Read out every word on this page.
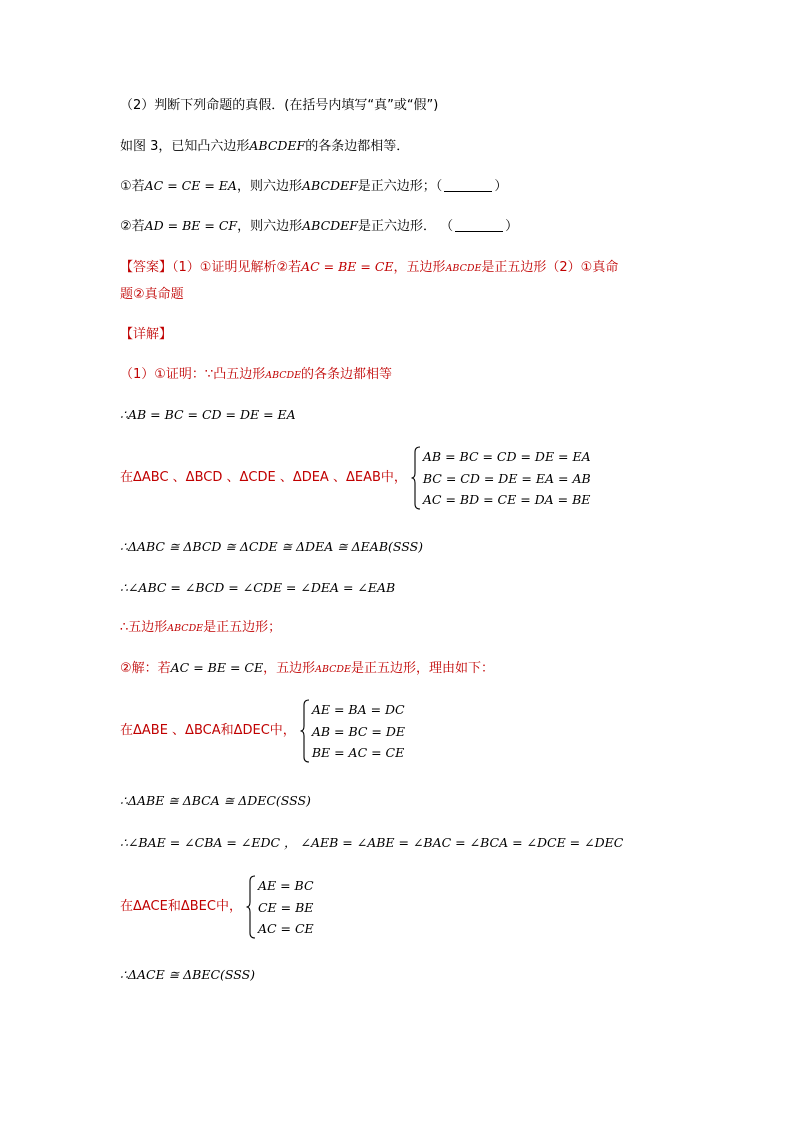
（2）判断下列命题的真假．(在括号内填写“真”或“假”)
如图 3，已知凸六边形ABCDEF的各条边都相等．
①若AC = CE = EA，则六边形ABCDEF是正六边形；（	）
②若AD = BE = CF，则六边形ABCDEF是正六边形． （	）
【答案】（1）①证明见解析②若AC = BE = CE，五边形ABCDE是正五边形（2）①真命
题②真命题
【详解】
（1）①证明：∵凸五边形ABCDE的各条边都相等
∴AB = BC = CD = DE = EA
在ΔABC 、ΔBCD 、ΔCDE 、ΔDEA 、ΔEAB中，
AB = BC = CD = DE = EA
BC = CD = DE = EA = AB
AC = BD = CE = DA = BE
∴ΔABC ≅ ΔBCD ≅ ΔCDE ≅ ΔDEA ≅ ΔEAB(SSS)
∴∠ABC = ∠BCD = ∠CDE = ∠DEA = ∠EAB
∴五边形ABCDE是正五边形；
②解：若AC = BE = CE，五边形ABCDE是正五边形，理由如下：
在ΔABE 、ΔBCA和ΔDEC中，
AE = BA = DC
AB = BC = DE
BE = AC = CE
∴ΔABE ≅ ΔBCA ≅ ΔDEC(SSS)
∴∠BAE = ∠CBA = ∠EDC ， ∠AEB = ∠ABE = ∠BAC = ∠BCA = ∠DCE = ∠DEC
在ΔACE和ΔBEC中，
AE = BC
CE = BE
AC = CE
∴ΔACE ≅ ΔBEC(SSS)
